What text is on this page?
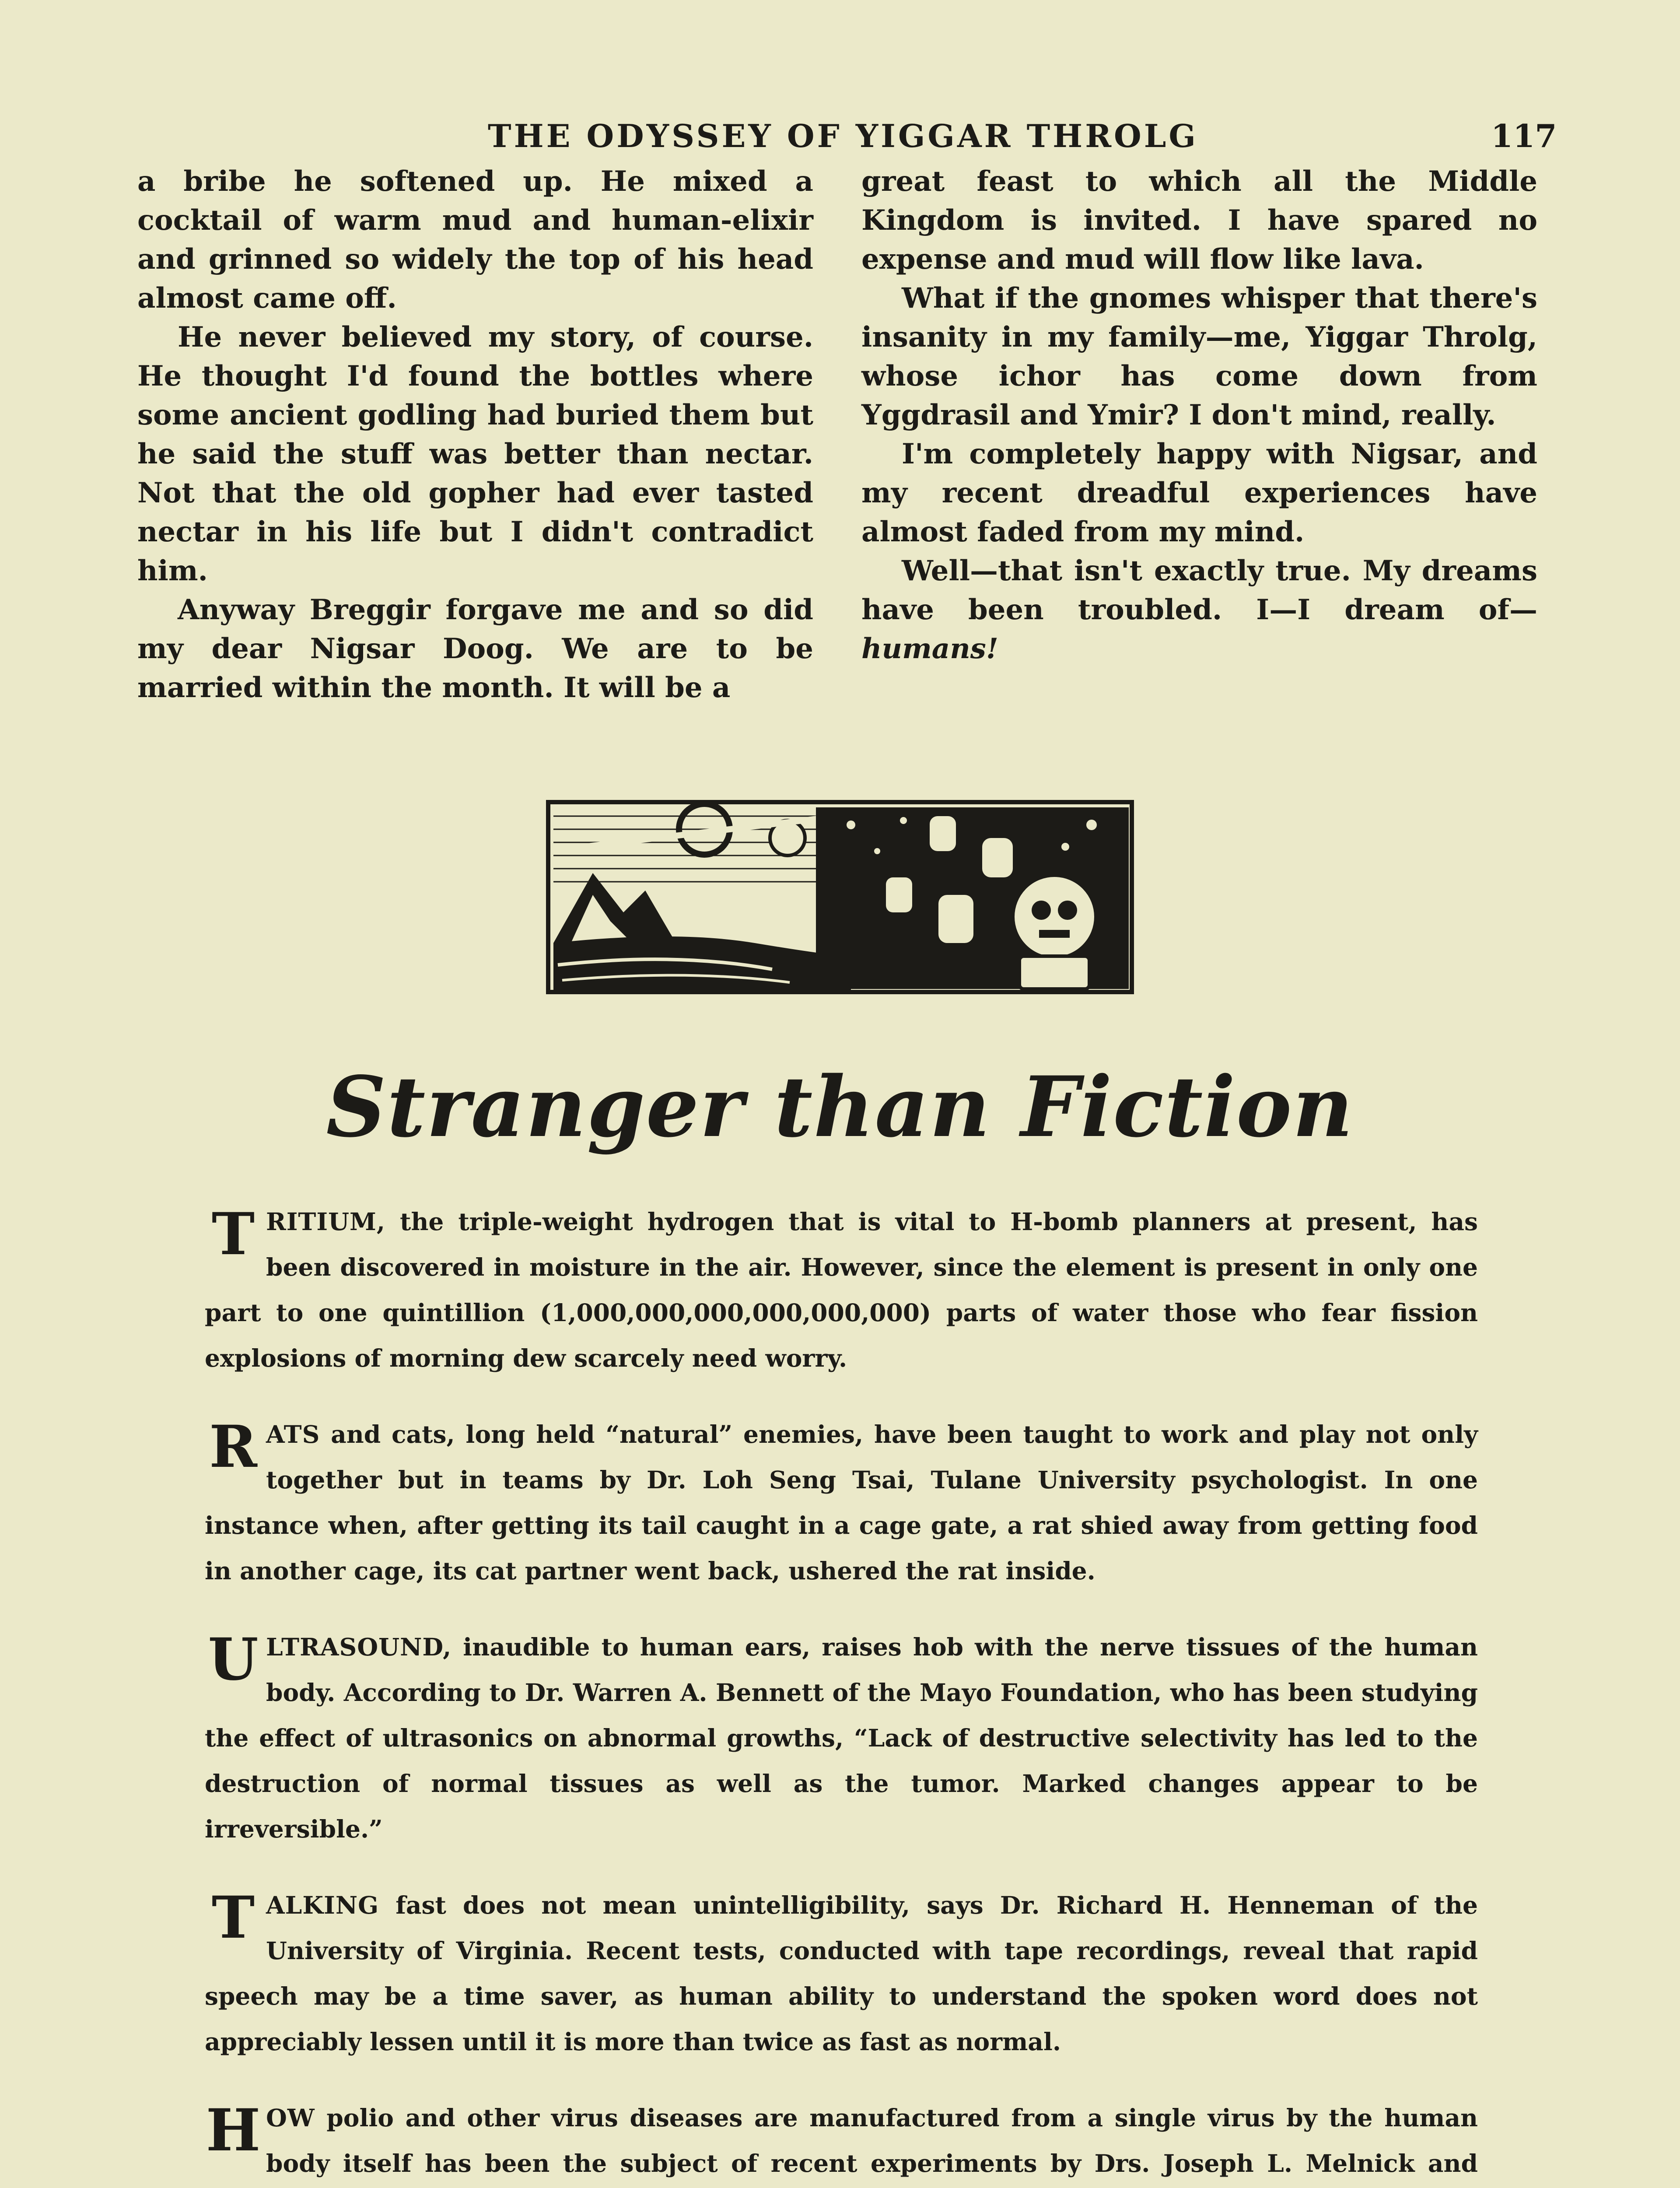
THE ODYSSEY OF YIGGAR THROLG	117

a bribe he softened up. He mixed a cocktail of warm mud and human-elixir and grinned so widely the top of his head almost came off.

He never believed my story, of course. He thought I'd found the bottles where some ancient godling had buried them but he said the stuff was better than nectar. Not that the old gopher had ever tasted nectar in his life but I didn't contradict him.

Anyway Breggir forgave me and so did my dear Nigsar Doog. We are to be married within the month. It will be a

great feast to which all the Middle Kingdom is invited. I have spared no expense and mud will flow like lava.

What if the gnomes whisper that there's insanity in my family—me, Yiggar Throlg, whose ichor has come down from Yggdrasil and Ymir? I don't mind, really.

I'm completely happy with Nigsar, and my recent dreadful experiences have almost faded from my mind.

Well—that isn't exactly true. My dreams have been troubled. I—I dream of—humans!

Stranger than Fiction
TRITIUM, the triple-weight hydrogen that is vital to H-bomb planners at present, has been discovered in moisture in the air. However, since the element is present in only one part to one quintillion (1,000,000,000,000,000,000) parts of water those who fear fission explosions of morning dew scarcely need worry.
RATS and cats, long held “natural” enemies, have been taught to work and play not only together but in teams by Dr. Loh Seng Tsai, Tulane University psychologist. In one instance when, after getting its tail caught in a cage gate, a rat shied away from getting food in another cage, its cat partner went back, ushered the rat inside.
ULTRASOUND, inaudible to human ears, raises hob with the nerve tissues of the human body. According to Dr. Warren A. Bennett of the Mayo Foundation, who has been studying the effect of ultrasonics on abnormal growths, “Lack of destructive selectivity has led to the destruction of normal tissues as well as the tumor. Marked changes appear to be irreversible.”
TALKING fast does not mean unintelligibility, says Dr. Richard H. Henneman of the University of Virginia. Recent tests, conducted with tape recordings, reveal that rapid speech may be a time saver, as human ability to understand the spoken word does not appreciably lessen until it is more than twice as fast as normal.
HOW polio and other virus diseases are manufactured from a single virus by the human body itself has been the subject of recent experiments by Drs. Joseph L. Melnick and
